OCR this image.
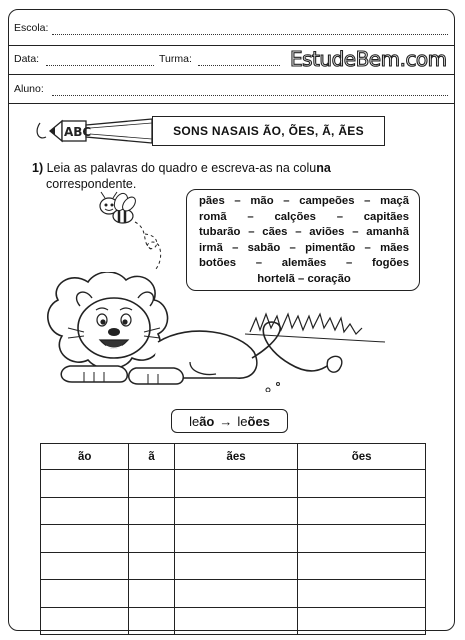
Escola:
Data:	Turma:	EstudeBem.com
Aluno:
ABC	SONS NASAIS ÃO, ÕES, Ã, ÃES
1) Leia as palavras do quadro e escreva-as na coluna
correspondente.
pães – mão – campeões – maçã
romã – calções – capitães
tubarão – cães – aviões – amanhã
irmã – sabão – pimentão – mães
botões – alemães – fogões
hortelã – coração
le ão → le ões
ão	ã	ães	ões
